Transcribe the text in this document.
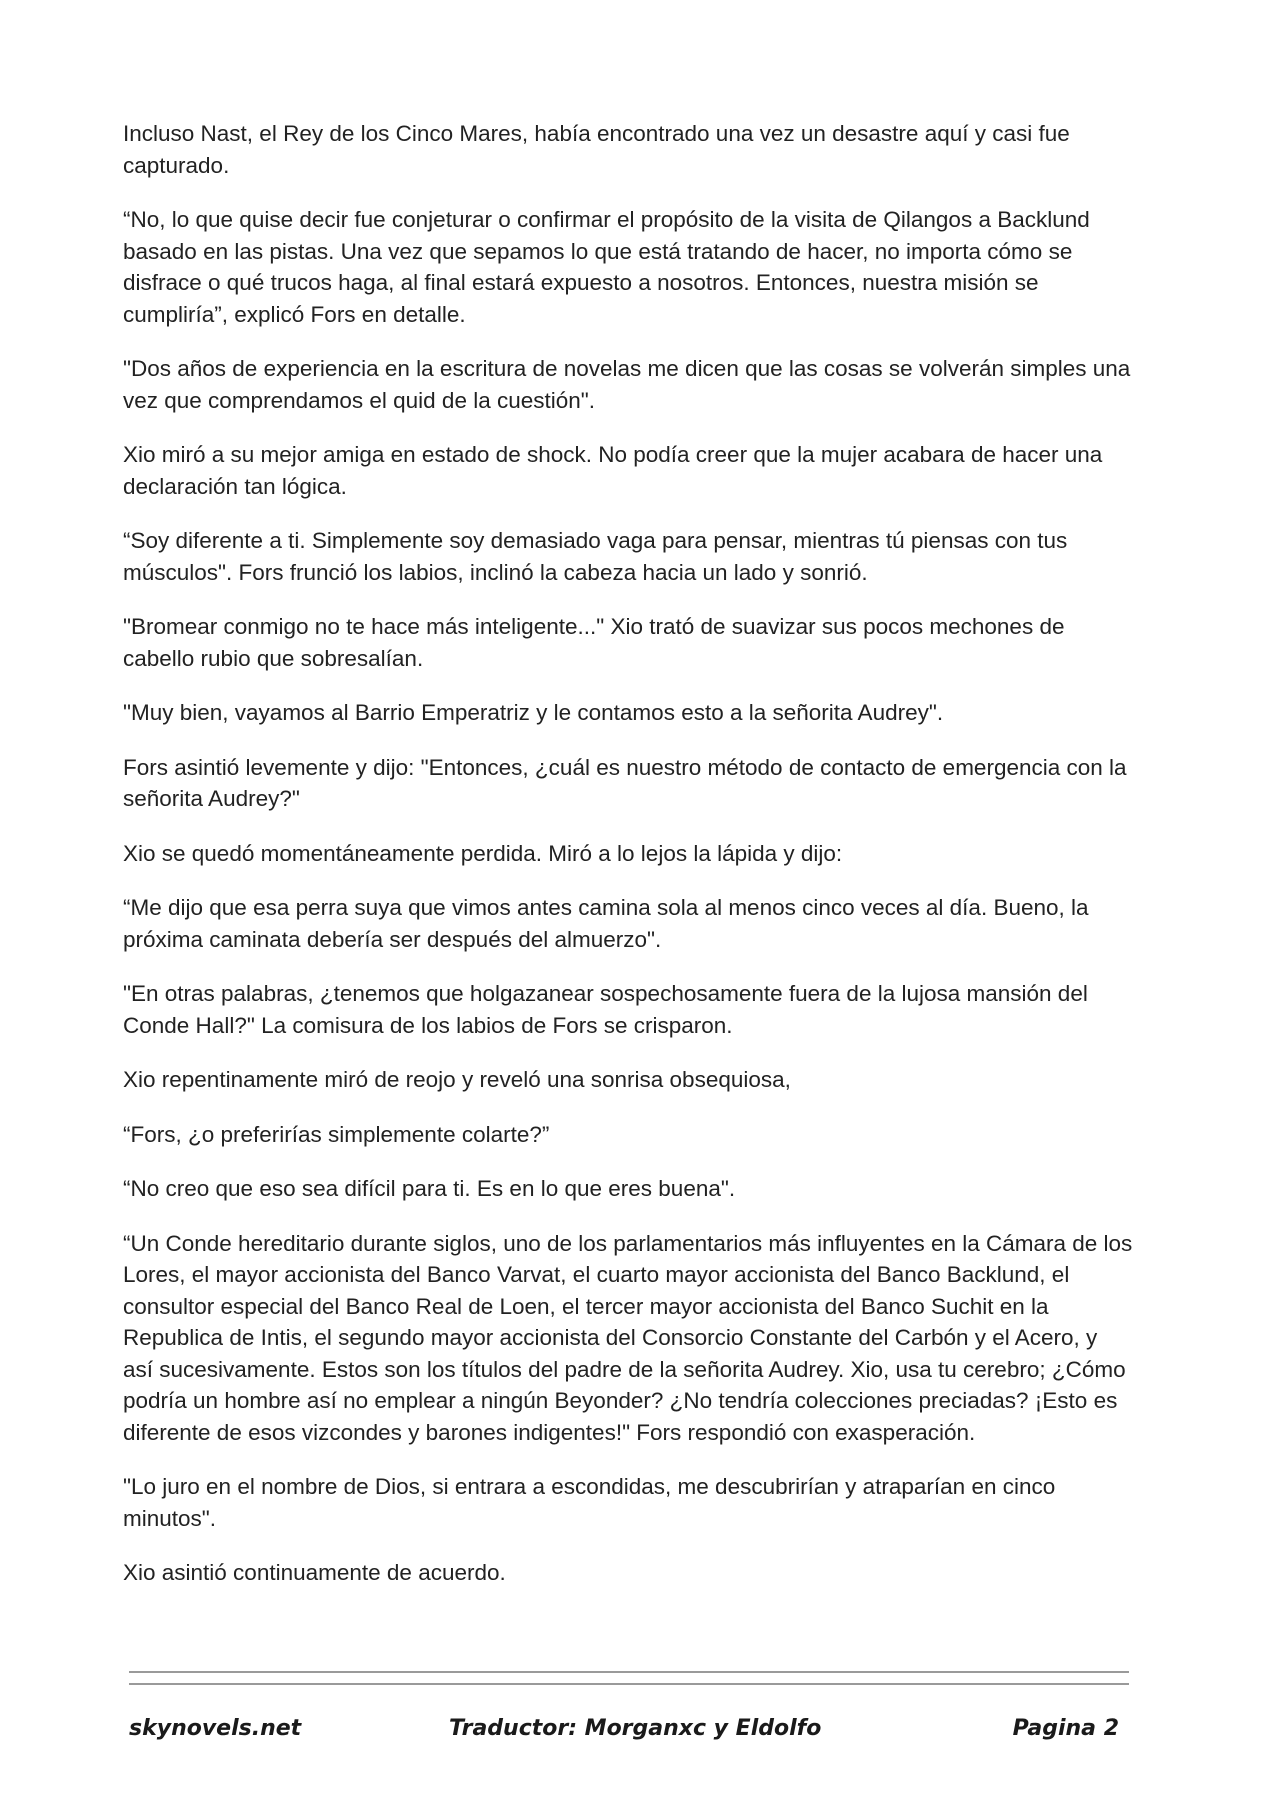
Incluso Nast, el Rey de los Cinco Mares, había encontrado una vez un desastre aquí y casi fue capturado.

“No, lo que quise decir fue conjeturar o confirmar el propósito de la visita de Qilangos a Backlund basado en las pistas. Una vez que sepamos lo que está tratando de hacer, no importa cómo se disfrace o qué trucos haga, al final estará expuesto a nosotros. Entonces, nuestra misión se cumpliría”, explicó Fors en detalle.

"Dos años de experiencia en la escritura de novelas me dicen que las cosas se volverán simples una vez que comprendamos el quid de la cuestión".

Xio miró a su mejor amiga en estado de shock. No podía creer que la mujer acabara de hacer una declaración tan lógica.

“Soy diferente a ti. Simplemente soy demasiado vaga para pensar, mientras tú piensas con tus músculos". Fors frunció los labios, inclinó la cabeza hacia un lado y sonrió.

"Bromear conmigo no te hace más inteligente..." Xio trató de suavizar sus pocos mechones de cabello rubio que sobresalían.

"Muy bien, vayamos al Barrio Emperatriz y le contamos esto a la señorita Audrey".

Fors asintió levemente y dijo: "Entonces, ¿cuál es nuestro método de contacto de emergencia con la señorita Audrey?"

Xio se quedó momentáneamente perdida. Miró a lo lejos la lápida y dijo:

“Me dijo que esa perra suya que vimos antes camina sola al menos cinco veces al día. Bueno, la próxima caminata debería ser después del almuerzo".

"En otras palabras, ¿tenemos que holgazanear sospechosamente fuera de la lujosa mansión del Conde Hall?" La comisura de los labios de Fors se crisparon.

Xio repentinamente miró de reojo y reveló una sonrisa obsequiosa,

“Fors, ¿o preferirías simplemente colarte?”

“No creo que eso sea difícil para ti. Es en lo que eres buena".

“Un Conde hereditario durante siglos, uno de los parlamentarios más influyentes en la Cámara de los Lores, el mayor accionista del Banco Varvat, el cuarto mayor accionista del Banco Backlund, el consultor especial del Banco Real de Loen, el tercer mayor accionista del Banco Suchit en la Republica de Intis, el segundo mayor accionista del Consorcio Constante del Carbón y el Acero, y así sucesivamente. Estos son los títulos del padre de la señorita Audrey. Xio, usa tu cerebro; ¿Cómo podría un hombre así no emplear a ningún Beyonder? ¿No tendría colecciones preciadas? ¡Esto es diferente de esos vizcondes y barones indigentes!" Fors respondió con exasperación.

"Lo juro en el nombre de Dios, si entrara a escondidas, me descubrirían y atraparían en cinco minutos".

Xio asintió continuamente de acuerdo.

skynovels.net	Traductor: Morganxc y Eldolfo	Pagina 2
